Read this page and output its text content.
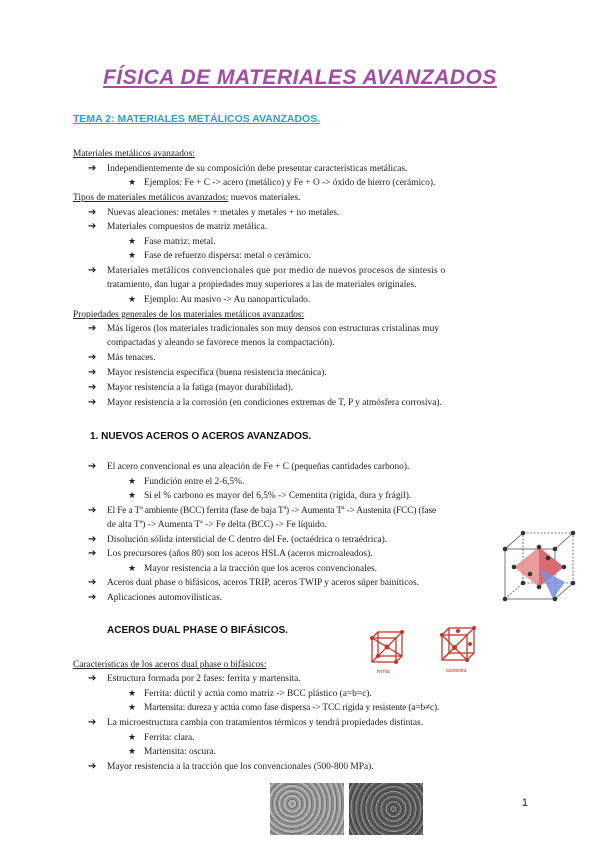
FÍSICA DE MATERIALES AVANZADOS
TEMA 2: MATERIALES METÁLICOS AVANZADOS.
Materiales metálicos avanzados:
➔ Independientemente de su composición debe presentar características metálicas.
★ Ejemplos: Fe + C -> acero (metálico) y Fe + O -> óxido de hierro (cerámico).
Tipos de materiales metálicos avanzados: nuevos materiales.
➔ Nuevas aleaciones: metales + metales y metales + no metales.
➔ Materiales compuestos de matriz metálica.
★ Fase matriz: metal.
★ Fase de refuerzo dispersa: metal o cerámico.
➔ Materiales metálicos convencionales que por medio de nuevos procesos de síntesis o
tratamiento, dan lugar a propiedades muy superiores a las de materiales originales.
★ Ejemplo: Au masivo -> Au nanoparticulado.
Propiedades generales de los materiales metálicos avanzados:
➔ Más ligeros (los materiales tradicionales son muy densos con estructuras cristalinas muy
compactadas y aleando se favorece menos la compactación).
➔ Más tenaces.
➔ Mayor resistencia específica (buena resistencia mecánica).
➔ Mayor resistencia a la fatiga (mayor durabilidad).
➔ Mayor resistencia a la corrosión (en condiciones extremas de T, P y atmósfera corrosiva).
1. NUEVOS ACEROS O ACEROS AVANZADOS.
➔ El acero convencional es una aleación de Fe + C (pequeñas cantidades carbono).
★ Fundición entre el 2-6,5%.
★ Si el % carbono es mayor del 6,5% -> Cementita (rígida, dura y frágil).
➔ El Fe a Tª ambiente (BCC) ferrita (fase de baja Tª) -> Aumenta Tª -> Austenita (FCC) (fase
de alta Tª) -> Aumenta Tª -> Fe delta (BCC) -> Fe líquido.
➔ Disolución sólida intersticial de C dentro del Fe. (octaédrica o tetraédrica).
➔ Los precursores (años 80) son los aceros HSLA (aceros microaleados).
★ Mayor resistencia a la tracción que los aceros convencionales.
➔ Aceros dual phase o bifásicos, aceros TRIP, aceros TWIP y aceros súper bainíticos.
➔ Aplicaciones automovilísticas.
ACEROS DUAL PHASE O BIFÁSICOS.
ferrita	austenita
Características de los aceros dual phase o bifásicos:
➔ Estructura formada por 2 fases: ferrita y martensita.
★ Ferrita: dúctil y actúa como matriz -> BCC plástico (a=b=c).
★ Martensita: dureza y actúa como fase dispersa -> TCC rígida y resistente (a=b≠c).
➔ La microestructura cambia con tratamientos térmicos y tendrá propiedades distintas.
★ Ferrita: clara.
★ Martensita: oscura.
➔ Mayor resistencia a la tracción que los convencionales (500-800 MPa).
1
